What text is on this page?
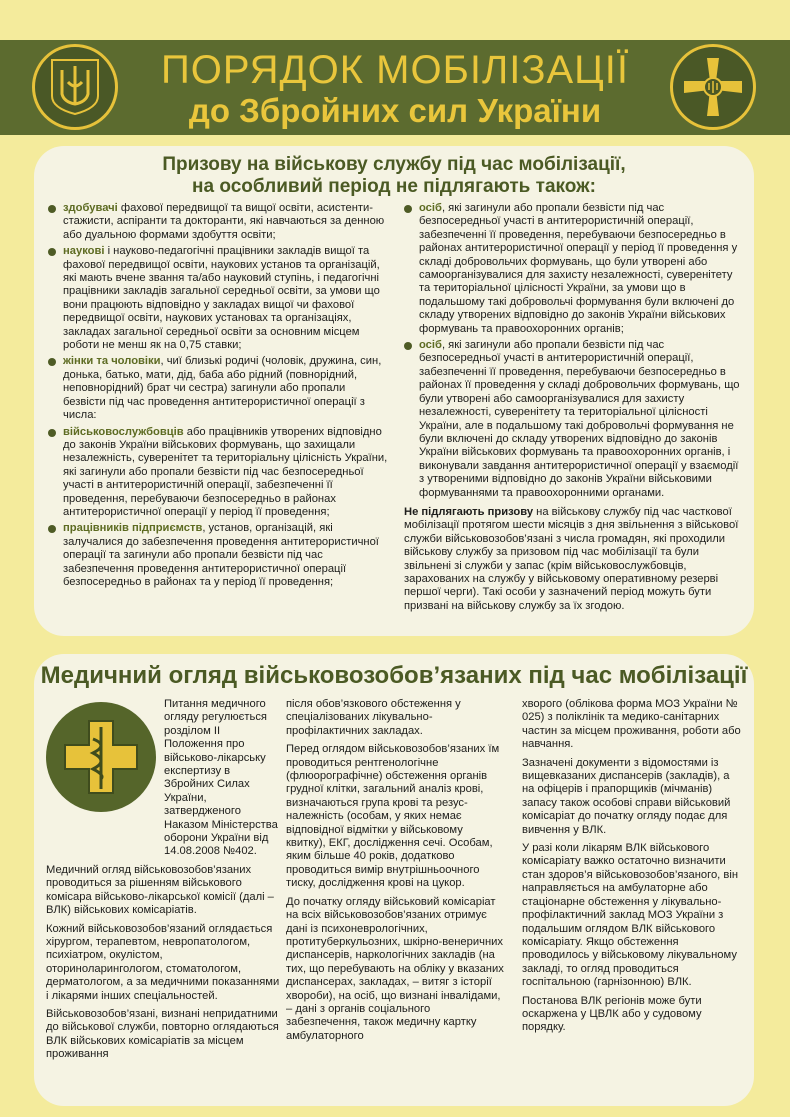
ПОРЯДОК МОБІЛІЗАЦІЇ
до Збройних сил України
Призову на військову службу під час мобілізації,
на особливий період не підлягають також:
здобувачі фахової передвищої та вищої освіти, асистенти-стажисти, аспіранти та докторанти, які навчаються за денною або дуальною формами здобуття освіти;
наукові і науково-педагогічні працівники закладів вищої та фахової передвищої освіти, наукових установ та організацій, які мають вчене звання та/або науковий ступінь, і педагогічні працівники закладів загальної середньої освіти, за умови що вони працюють відповідно у закладах вищої чи фахової передвищої освіти, наукових установах та організаціях, закладах загальної середньої освіти за основним місцем роботи не менш як на 0,75 ставки;
жінки та чоловіки, чиї близькі родичі (чоловік, дружина, син, донька, батько, мати, дід, баба або рідний (повнорідний, неповнорідний) брат чи сестра) загинули або пропали безвісти під час проведення антитерористичної операції з числа:
військовослужбовців або працівників утворених відповідно до законів України військових формувань, що захищали незалежність, суверенітет та територіальну цілісність України, які загинули або пропали безвісти під час безпосередньої участі в антитерористичній операції, забезпеченні її проведення, перебуваючи безпосередньо в районах антитерористичної операції у період її проведення;
працівників підприємств, установ, організацій, які залучалися до забезпечення проведення антитерористичної операції та загинули або пропали безвісти під час забезпечення проведення антитерористичної операції безпосередньо в районах та у період її проведення;
осіб, які загинули або пропали безвісти під час безпосередньої участі в антитерористичній операції, забезпеченні її проведення, перебуваючи безпосередньо в районах антитерористичної операції у період її проведення у складі добровольчих формувань, що були утворені або самоорганізувалися для захисту незалежності, суверенітету та територіальної цілісності України, за умови що в подальшому такі добровольчі формування були включені до складу утворених відповідно до законів України військових формувань та правоохоронних органів;
осіб, які загинули або пропали безвісти під час безпосередньої участі в антитерористичній операції, забезпеченні її проведення, перебуваючи безпосередньо в районах її проведення у складі добровольчих формувань, що були утворені або самоорганізувалися для захисту незалежності, суверенітету та територіальної цілісності України, але в подальшому такі добровольчі формування не були включені до складу утворених відповідно до законів України військових формувань та правоохоронних органів, і виконували завдання антитерористичної операції у взаємодії з утвореними відповідно до законів України військовими формуваннями та правоохоронними органами.

Не підлягають призову на військову службу під час часткової мобілізації протягом шести місяців з дня звільнення з військової служби військовозобов’язані з числа громадян, які проходили військову службу за призовом під час мобілізації та були звільнені зі служби у запас (крім військовослужбовців, зарахованих на службу у військовому оперативному резерві першої черги). Такі особи у зазначений період можуть бути призвані на військову службу за їх згодою.

Медичний огляд військовозобов’язаних під час мобілізації

Питання медичного огляду регулюється розділом II Положення про військово-лікарську експертизу в Збройних Силах України, затвердженого Наказом Міністерства оборони України від 14.08.2008 №402.

Медичний огляд військовозобов’язаних проводиться за рішенням військового комісара військово-лікарської комісії (далі – ВЛК) військових комісаріатів.

Кожний військовозобов’язаний оглядається хірургом, терапевтом, невропатологом, психіатром, окулістом, оториноларингологом, стоматологом, дерматологом, а за медичними показаннями і лікарями інших спеціальностей.

Військовозобов’язані, визнані непридатними до військової служби, повторно оглядаються ВЛК військових комісаріатів за місцем проживання

після обов’язкового обстеження у спеціалізованих лікувально-профілактичних закладах.

Перед оглядом військовозобов’язаних їм проводиться рентгенологічне (флюорографічне) обстеження органів грудної клітки, загальний аналіз крові, визначаються група крові та резус-належність (особам, у яких немає відповідної відмітки у військовому квитку), ЕКГ, дослідження сечі. Особам, яким більше 40 років, додатково проводиться вимір внутрішньоочного тиску, дослідження крові на цукор.

До початку огляду військовий комісаріат на всіх військовозобов’язаних отримує дані із психоневрологічних, протитуберкульозних, шкірно-венеричних диспансерів, наркологічних закладів (на тих, що перебувають на обліку у вказаних диспансерах, закладах, – витяг з історії хвороби), на осіб, що визнані інвалідами, – дані з органів соціального забезпечення, також медичну картку амбулаторного

хворого (облікова форма МОЗ України № 025) з поліклінік та медико-санітарних частин за місцем проживання, роботи або навчання.

Зазначені документи з відомостями із вищевказаних диспансерів (закладів), а на офіцерів і прапорщиків (мічманів) запасу також особові справи військовий комісаріат до початку огляду подає для вивчення у ВЛК.

У разі коли лікарям ВЛК військового комісаріату важко остаточно визначити стан здоров’я військовозобов’язаного, він направляється на амбулаторне або стаціонарне обстеження у лікувально-профілактичний заклад МОЗ України з подальшим оглядом ВЛК військового комісаріату. Якщо обстеження проводилось у військовому лікувальному закладі, то огляд проводиться госпітальною (гарнізонною) ВЛК.

Постанова ВЛК регіонів може бути оскаржена у ЦВЛК або у судовому порядку.
